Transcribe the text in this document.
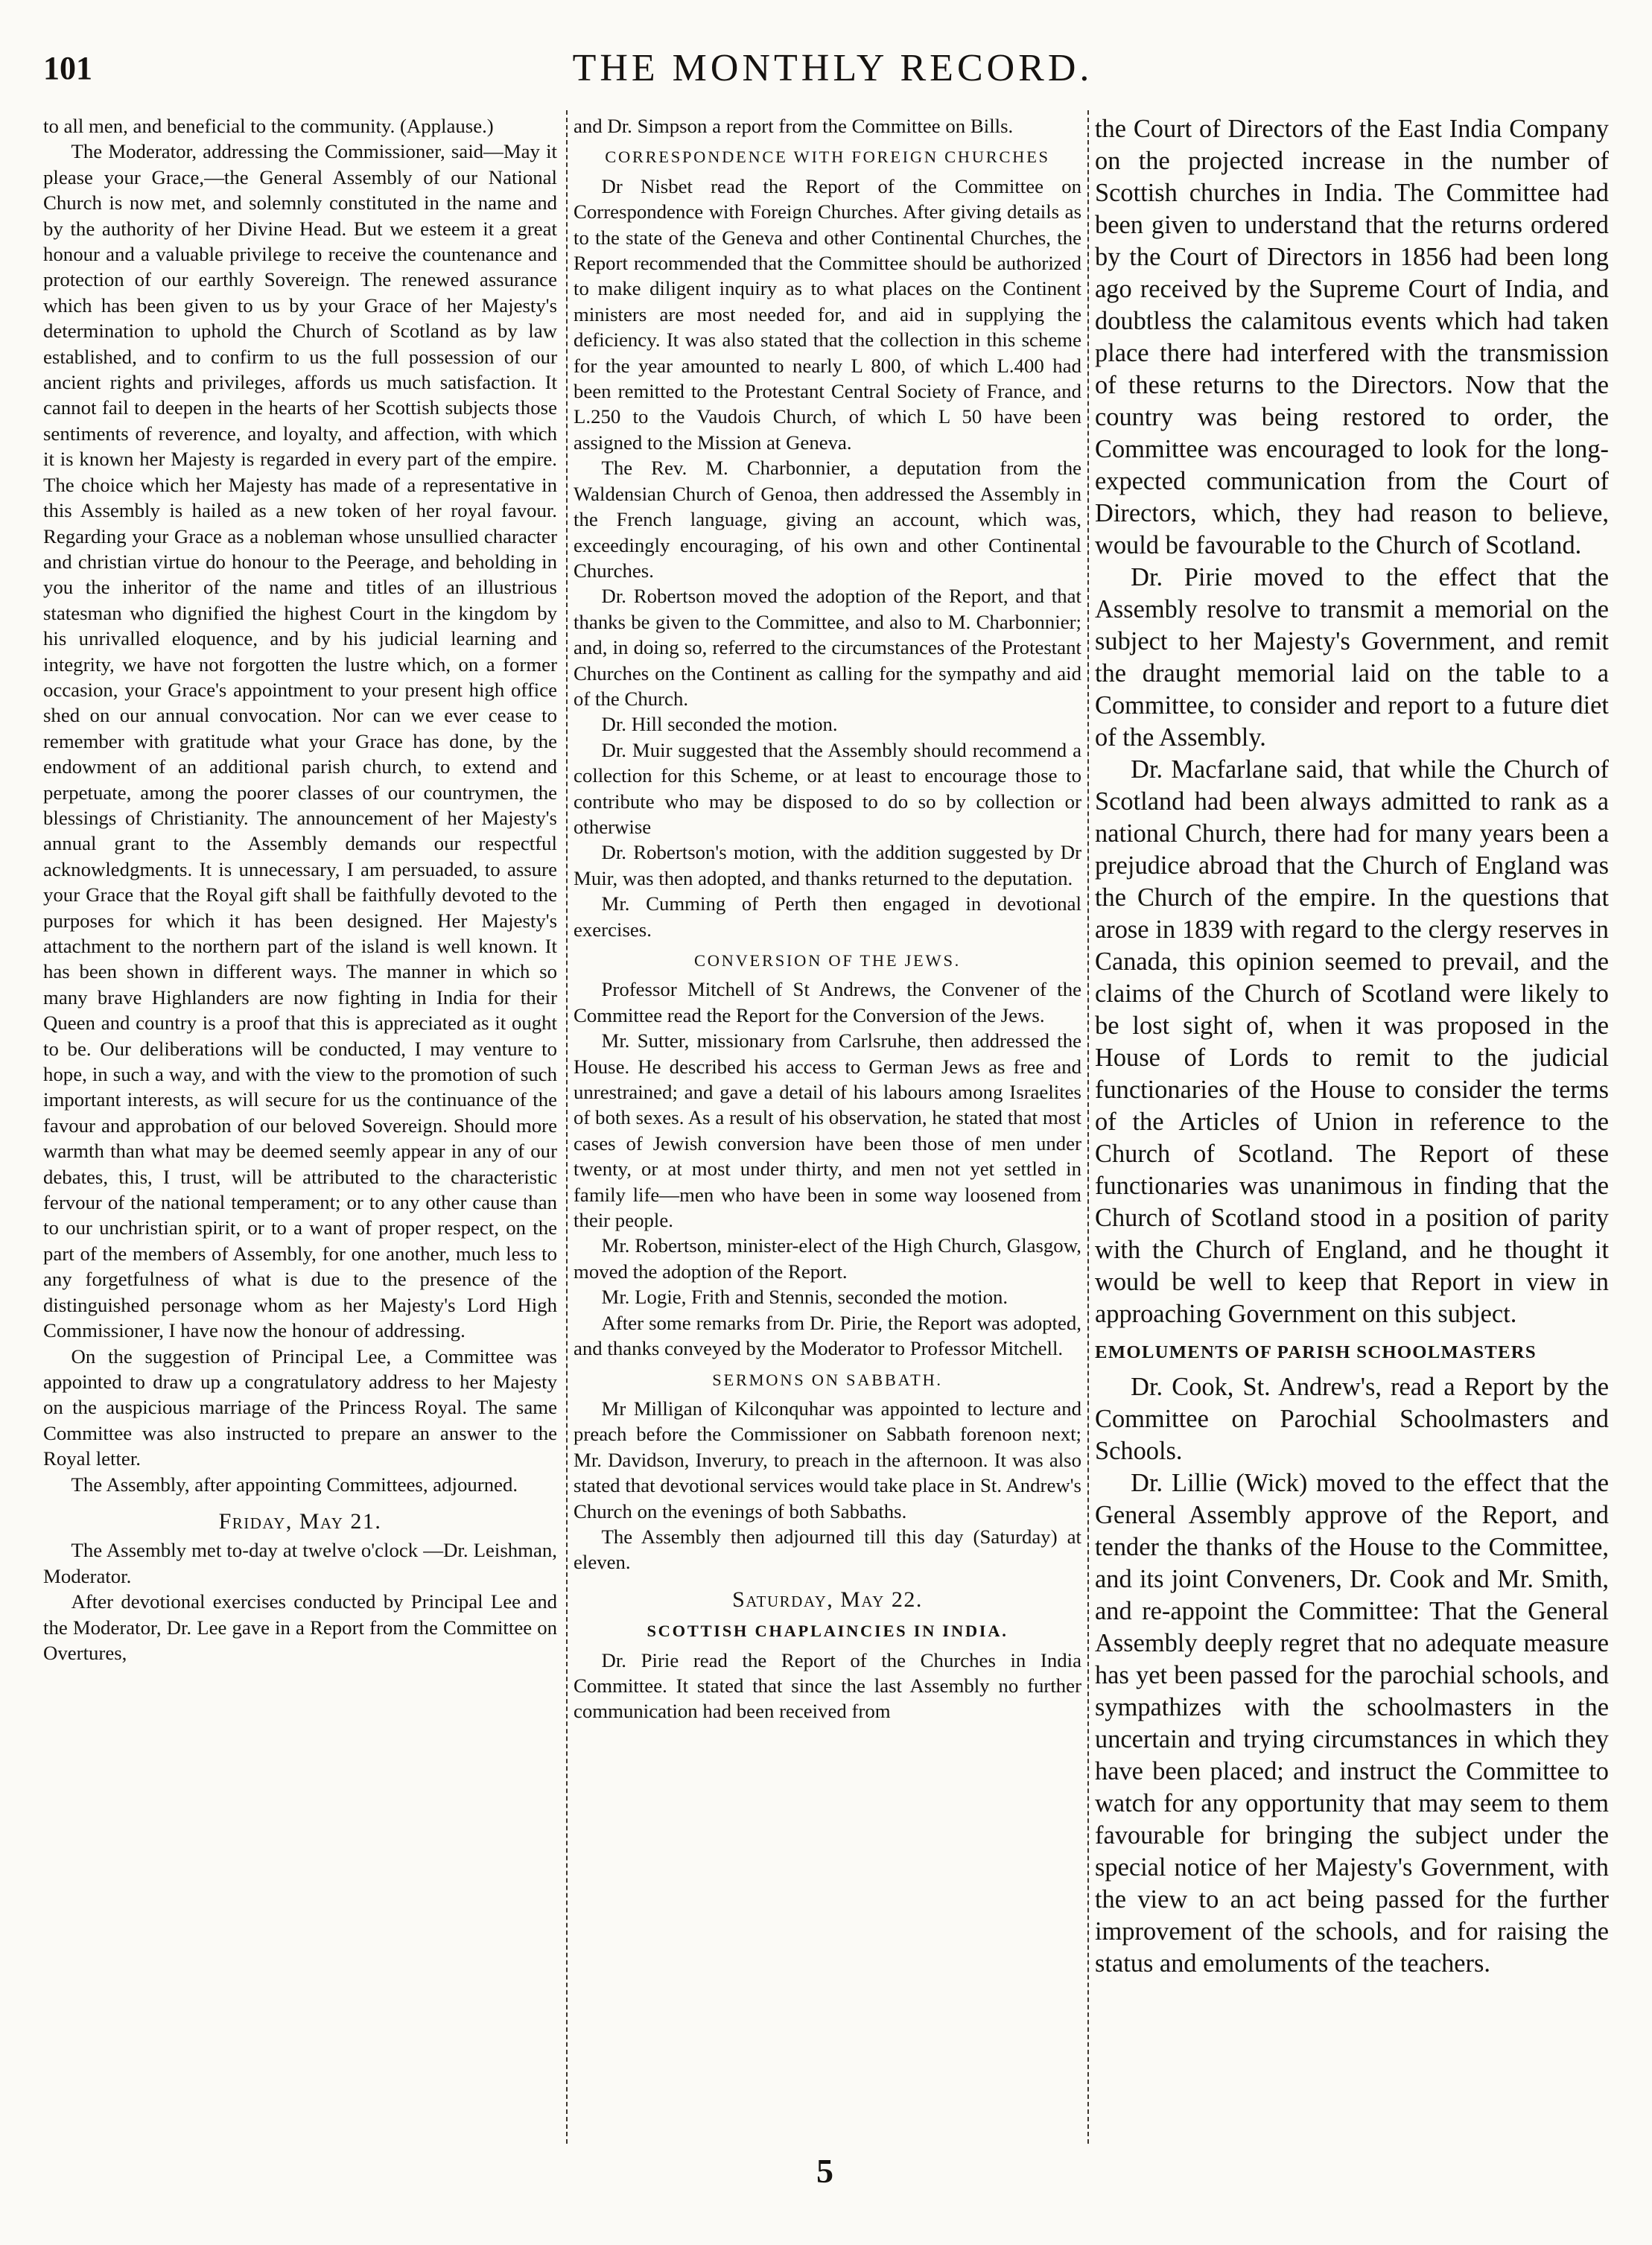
101	THE MONTHLY RECORD.

to all men, and beneficial to the community. (Applause.)

The Moderator, addressing the Commissioner, said—May it please your Grace,—the General Assembly of our National Church is now met, and solemnly constituted in the name and by the authority of her Divine Head. But we esteem it a great honour and a valuable privilege to receive the countenance and protection of our earthly Sovereign. The renewed assurance which has been given to us by your Grace of her Majesty's determination to uphold the Church of Scotland as by law established, and to confirm to us the full possession of our ancient rights and privileges, affords us much satisfaction. It cannot fail to deepen in the hearts of her Scottish subjects those sentiments of reverence, and loyalty, and affection, with which it is known her Majesty is regarded in every part of the empire. The choice which her Majesty has made of a representative in this Assembly is hailed as a new token of her royal favour. Regarding your Grace as a nobleman whose unsullied character and christian virtue do honour to the Peerage, and beholding in you the inheritor of the name and titles of an illustrious statesman who dignified the highest Court in the kingdom by his unrivalled eloquence, and by his judicial learning and integrity, we have not forgotten the lustre which, on a former occasion, your Grace's appointment to your present high office shed on our annual convocation. Nor can we ever cease to remember with gratitude what your Grace has done, by the endowment of an additional parish church, to extend and perpetuate, among the poorer classes of our countrymen, the blessings of Christianity. The announcement of her Majesty's annual grant to the Assembly demands our respectful acknowledgments. It is unnecessary, I am persuaded, to assure your Grace that the Royal gift shall be faithfully devoted to the purposes for which it has been designed. Her Majesty's attachment to the northern part of the island is well known. It has been shown in different ways. The manner in which so many brave Highlanders are now fighting in India for their Queen and country is a proof that this is appreciated as it ought to be. Our deliberations will be conducted, I may venture to hope, in such a way, and with the view to the promotion of such important interests, as will secure for us the continuance of the favour and approbation of our beloved Sovereign. Should more warmth than what may be deemed seemly appear in any of our debates, this, I trust, will be attributed to the characteristic fervour of the national temperament; or to any other cause than to our unchristian spirit, or to a want of proper respect, on the part of the members of Assembly, for one another, much less to any forgetfulness of what is due to the presence of the distinguished personage whom as her Majesty's Lord High Commissioner, I have now the honour of addressing.

On the suggestion of Principal Lee, a Committee was appointed to draw up a congratulatory address to her Majesty on the auspicious marriage of the Princess Royal. The same Committee was also instructed to prepare an answer to the Royal letter.

The Assembly, after appointing Committees, adjourned.

Friday, May 21.

The Assembly met to-day at twelve o'clock —Dr. Leishman, Moderator.

After devotional exercises conducted by Principal Lee and the Moderator, Dr. Lee gave in a Report from the Committee on Overtures,

and Dr. Simpson a report from the Committee on Bills.

CORRESPONDENCE WITH FOREIGN CHURCHES

Dr Nisbet read the Report of the Committee on Correspondence with Foreign Churches. After giving details as to the state of the Geneva and other Continental Churches, the Report recommended that the Committee should be authorized to make diligent inquiry as to what places on the Continent ministers are most needed for, and aid in supplying the deficiency. It was also stated that the collection in this scheme for the year amounted to nearly L 800, of which L.400 had been remitted to the Protestant Central Society of France, and L.250 to the Vaudois Church, of which L 50 have been assigned to the Mission at Geneva.

The Rev. M. Charbonnier, a deputation from the Waldensian Church of Genoa, then addressed the Assembly in the French language, giving an account, which was, exceedingly encouraging, of his own and other Continental Churches.

Dr. Robertson moved the adoption of the Report, and that thanks be given to the Committee, and also to M. Charbonnier; and, in doing so, referred to the circumstances of the Protestant Churches on the Continent as calling for the sympathy and aid of the Church.

Dr. Hill seconded the motion.

Dr. Muir suggested that the Assembly should recommend a collection for this Scheme, or at least to encourage those to contribute who may be disposed to do so by collection or otherwise

Dr. Robertson's motion, with the addition suggested by Dr Muir, was then adopted, and thanks returned to the deputation.

Mr. Cumming of Perth then engaged in devotional exercises.

CONVERSION OF THE JEWS.

Professor Mitchell of St Andrews, the Convener of the Committee read the Report for the Conversion of the Jews.

Mr. Sutter, missionary from Carlsruhe, then addressed the House. He described his access to German Jews as free and unrestrained; and gave a detail of his labours among Israelites of both sexes. As a result of his observation, he stated that most cases of Jewish conversion have been those of men under twenty, or at most under thirty, and men not yet settled in family life—men who have been in some way loosened from their people.

Mr. Robertson, minister-elect of the High Church, Glasgow, moved the adoption of the Report.

Mr. Logie, Frith and Stennis, seconded the motion.

After some remarks from Dr. Pirie, the Report was adopted, and thanks conveyed by the Moderator to Professor Mitchell.

SERMONS ON SABBATH.

Mr Milligan of Kilconquhar was appointed to lecture and preach before the Commissioner on Sabbath forenoon next; Mr. Davidson, Inverury, to preach in the afternoon. It was also stated that devotional services would take place in St. Andrew's Church on the evenings of both Sabbaths.

The Assembly then adjourned till this day (Saturday) at eleven.

Saturday, May 22.
SCOTTISH CHAPLAINCIES IN INDIA.

Dr. Pirie read the Report of the Churches in India Committee. It stated that since the last Assembly no further communication had been received from

the Court of Directors of the East India Company on the projected increase in the number of Scottish churches in India. The Committee had been given to understand that the returns ordered by the Court of Directors in 1856 had been long ago received by the Supreme Court of India, and doubtless the calamitous events which had taken place there had interfered with the transmission of these returns to the Directors. Now that the country was being restored to order, the Committee was encouraged to look for the long-expected communication from the Court of Directors, which, they had reason to believe, would be favourable to the Church of Scotland.

Dr. Pirie moved to the effect that the Assembly resolve to transmit a memorial on the subject to her Majesty's Government, and remit the draught memorial laid on the table to a Committee, to consider and report to a future diet of the Assembly.

Dr. Macfarlane said, that while the Church of Scotland had been always admitted to rank as a national Church, there had for many years been a prejudice abroad that the Church of England was the Church of the empire. In the questions that arose in 1839 with regard to the clergy reserves in Canada, this opinion seemed to prevail, and the claims of the Church of Scotland were likely to be lost sight of, when it was proposed in the House of Lords to remit to the judicial functionaries of the House to consider the terms of the Articles of Union in reference to the Church of Scotland. The Report of these functionaries was unanimous in finding that the Church of Scotland stood in a position of parity with the Church of England, and he thought it would be well to keep that Report in view in approaching Government on this subject.

EMOLUMENTS OF PARISH SCHOOLMASTERS

Dr. Cook, St. Andrew's, read a Report by the Committee on Parochial Schoolmasters and Schools.

Dr. Lillie (Wick) moved to the effect that the General Assembly approve of the Report, and tender the thanks of the House to the Committee, and its joint Conveners, Dr. Cook and Mr. Smith, and re-appoint the Committee: That the General Assembly deeply regret that no adequate measure has yet been passed for the parochial schools, and sympathizes with the schoolmasters in the uncertain and trying circumstances in which they have been placed; and instruct the Committee to watch for any opportunity that may seem to them favourable for bringing the subject under the special notice of her Majesty's Government, with the view to an act being passed for the further improvement of the schools, and for raising the status and emoluments of the teachers.

5
